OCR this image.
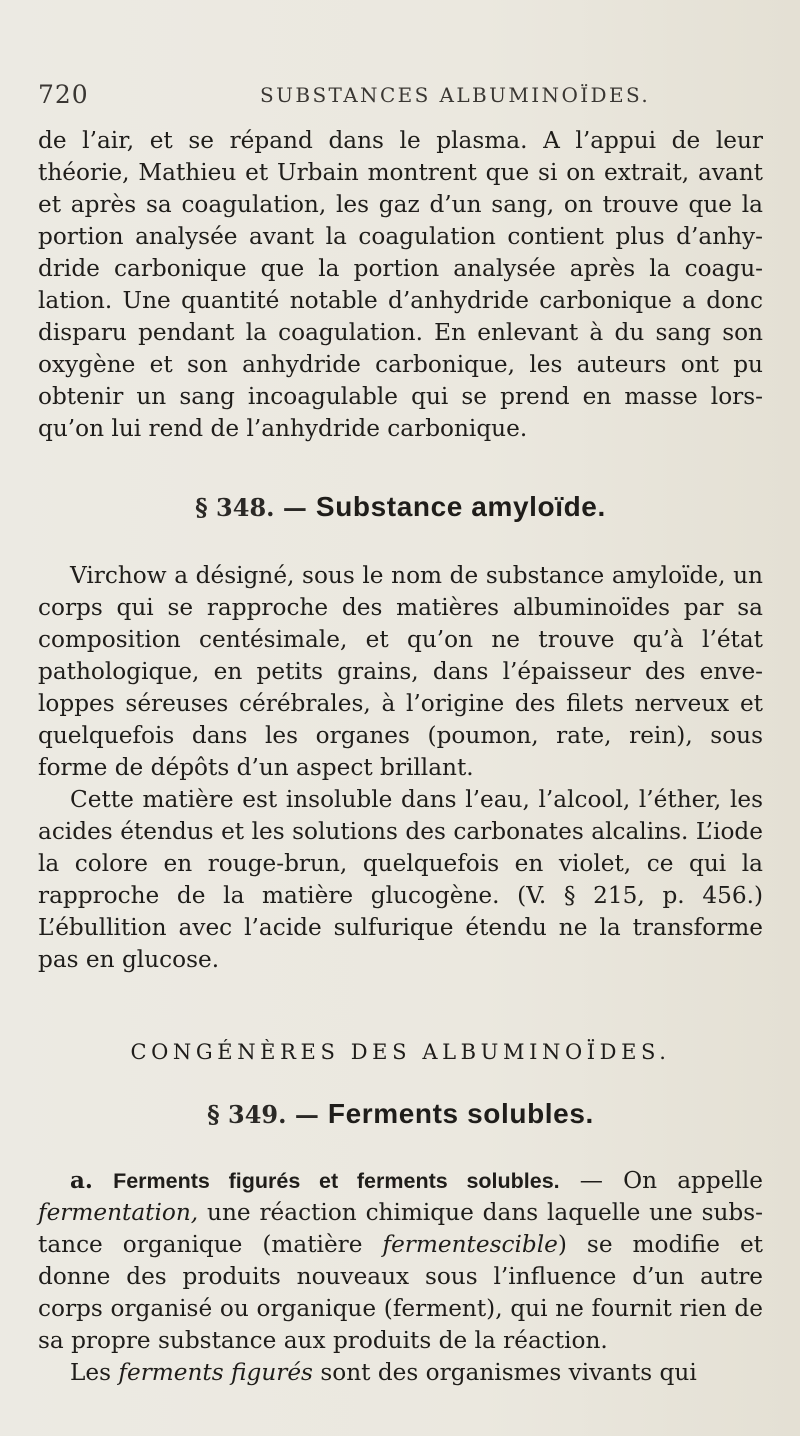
720	SUBSTANCES ALBUMINOÏDES.

de l’air, et se répand dans le plasma. A l’appui de leur théorie, Mathieu et Urbain montrent que si on extrait, avant et après sa coagulation, les gaz d’un sang, on trouve que la portion analysée avant la coagulation contient plus d’anhy-dride carbonique que la portion analysée après la coagu-lation. Une quantité notable d’anhydride carbonique a donc disparu pendant la coagulation. En enlevant à du sang son oxygène et son anhydride carbonique, les auteurs ont pu obtenir un sang incoagulable qui se prend en masse lors-qu’on lui rend de l’anhydride carbonique.

§ 348. — Substance amyloïde.

Virchow a désigné, sous le nom de substance amyloïde, un corps qui se rapproche des matières albuminoïdes par sa composition centésimale, et qu’on ne trouve qu’à l’état pathologique, en petits grains, dans l’épaisseur des enve-loppes séreuses cérébrales, à l’origine des filets nerveux et quelquefois dans les organes (poumon, rate, rein), sous forme de dépôts d’un aspect brillant.

Cette matière est insoluble dans l’eau, l’alcool, l’éther, les acides étendus et les solutions des carbonates alcalins. L’iode la colore en rouge-brun, quelquefois en violet, ce qui la rapproche de la matière glucogène. (V. § 215, p. 456.) L’ébullition avec l’acide sulfurique étendu ne la transforme pas en glucose.

CONGÉNÈRES DES ALBUMINOÏDES.
§ 349. — Ferments solubles.

a. Ferments figurés et ferments solubles. — On appelle fermentation, une réaction chimique dans laquelle une subs-tance organique (matière fermentescible) se modifie et donne des produits nouveaux sous l’influence d’un autre corps organisé ou organique (ferment), qui ne fournit rien de sa propre substance aux produits de la réaction.

Les ferments figurés sont des organismes vivants qui
